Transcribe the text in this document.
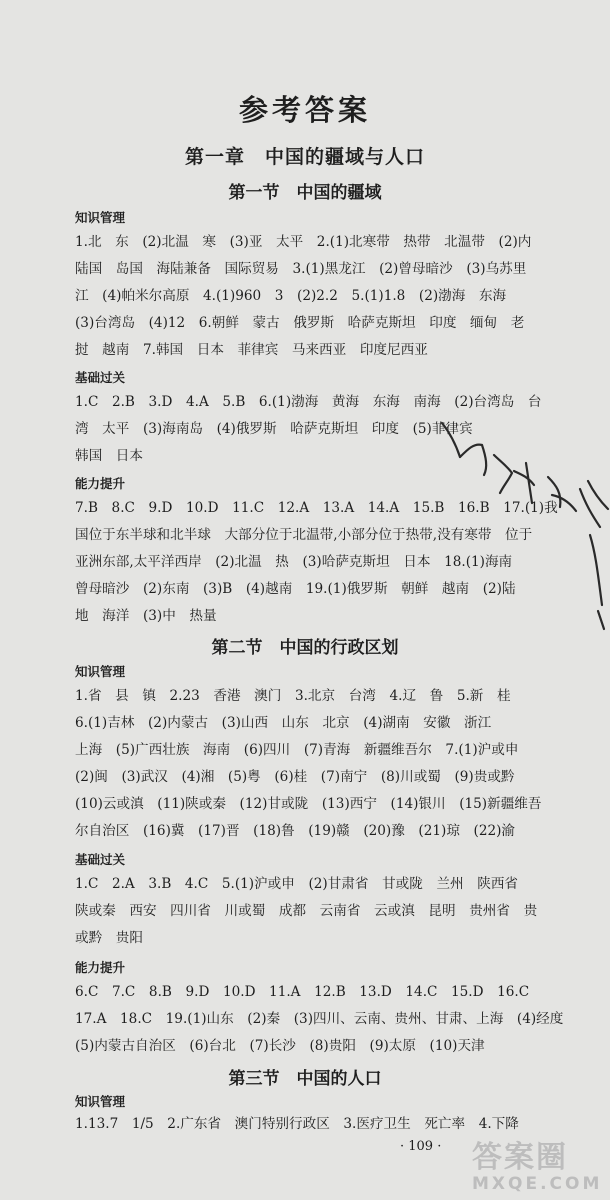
参考答案
第一章　中国的疆域与人口
第一节　中国的疆域
知识管理
1.北　东　(2)北温　寒　(3)亚　太平　2.(1)北寒带　热带　北温带　(2)内
陆国　岛国　海陆兼备　国际贸易　3.(1)黑龙江　(2)曾母暗沙　(3)乌苏里
江　(4)帕米尔高原　4.(1)960　3　(2)2.2　5.(1)1.8　(2)渤海　东海
(3)台湾岛　(4)12　6.朝鲜　蒙古　俄罗斯　哈萨克斯坦　印度　缅甸　老
挝　越南　7.韩国　日本　菲律宾　马来西亚　印度尼西亚
基础过关
1.C　2.B　3.D　4.A　5.B　6.(1)渤海　黄海　东海　南海　(2)台湾岛　台
湾　太平　(3)海南岛　(4)俄罗斯　哈萨克斯坦　印度　(5)菲律宾
韩国　日本
能力提升
7.B　8.C　9.D　10.D　11.C　12.A　13.A　14.A　15.B　16.B　17.(1)我
国位于东半球和北半球　大部分位于北温带,小部分位于热带,没有寒带　位于
亚洲东部,太平洋西岸　(2)北温　热　(3)哈萨克斯坦　日本　18.(1)海南
曾母暗沙　(2)东南　(3)B　(4)越南　19.(1)俄罗斯　朝鲜　越南　(2)陆
地　海洋　(3)中　热量
第二节　中国的行政区划
知识管理
1.省　县　镇　2.23　香港　澳门　3.北京　台湾　4.辽　鲁　5.新　桂
6.(1)吉林　(2)内蒙古　(3)山西　山东　北京　(4)湖南　安徽　浙江
上海　(5)广西壮族　海南　(6)四川　(7)青海　新疆维吾尔　7.(1)沪或申
(2)闽　(3)武汉　(4)湘　(5)粤　(6)桂　(7)南宁　(8)川或蜀　(9)贵或黔
(10)云或滇　(11)陕或秦　(12)甘或陇　(13)西宁　(14)银川　(15)新疆维吾
尔自治区　(16)冀　(17)晋　(18)鲁　(19)赣　(20)豫　(21)琼　(22)渝
基础过关
1.C　2.A　3.B　4.C　5.(1)沪或申　(2)甘肃省　甘或陇　兰州　陕西省
陕或秦　西安　四川省　川或蜀　成都　云南省　云或滇　昆明　贵州省　贵
或黔　贵阳
能力提升
6.C　7.C　8.B　9.D　10.D　11.A　12.B　13.D　14.C　15.D　16.C
17.A　18.C　19.(1)山东　(2)秦　(3)四川、云南、贵州、甘肃、上海　(4)经度
(5)内蒙古自治区　(6)台北　(7)长沙　(8)贵阳　(9)太原　(10)天津
第三节　中国的人口
知识管理
1.13.7　1/5　2.广东省　澳门特别行政区　3.医疗卫生　死亡率　4.下降
· 109 · 答案圈
MXQE.COM
